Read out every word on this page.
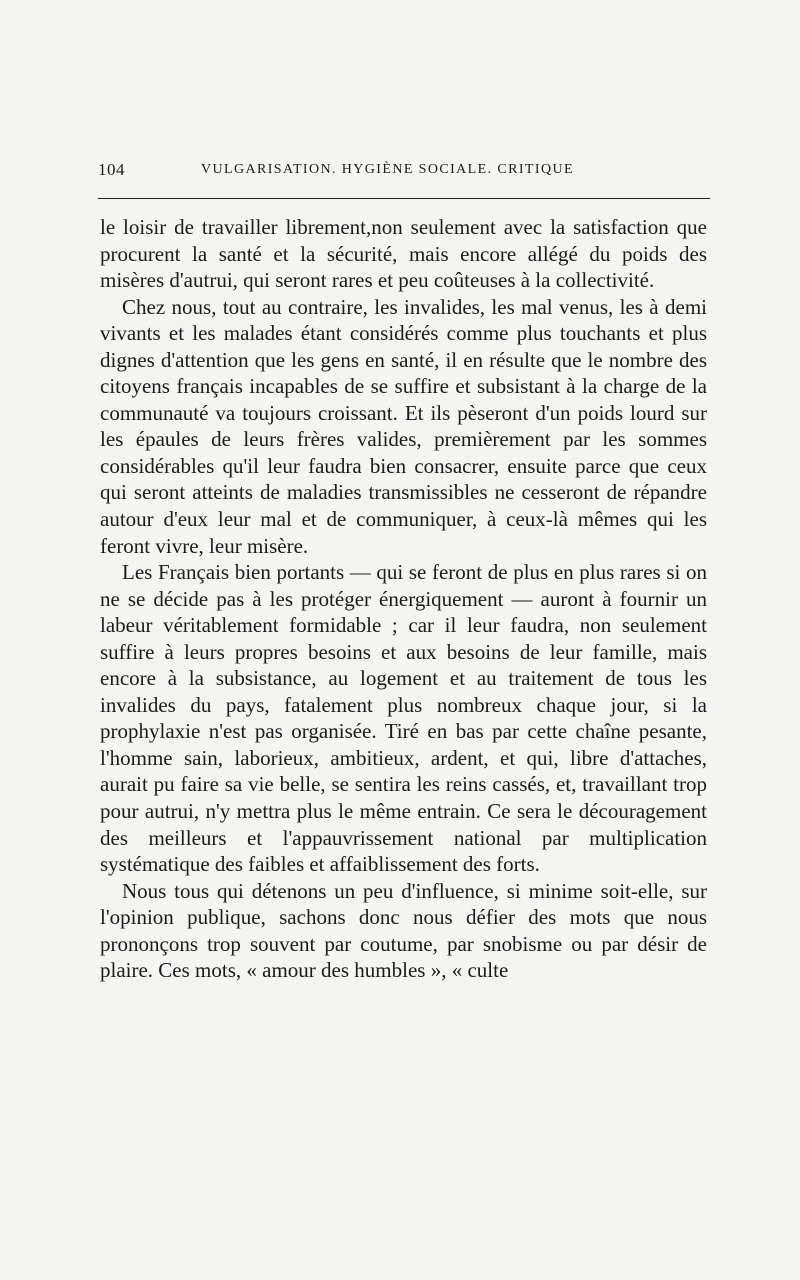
104	VULGARISATION. HYGIÈNE SOCIALE. CRITIQUE

le loisir de travailler librement,non seulement avec la satisfaction que procurent la santé et la sécurité, mais encore allégé du poids des misères d'autrui, qui seront rares et peu coûteuses à la collectivité.

Chez nous, tout au contraire, les invalides, les mal venus, les à demi vivants et les malades étant considérés comme plus touchants et plus dignes d'attention que les gens en santé, il en résulte que le nombre des citoyens français incapables de se suffire et subsistant à la charge de la communauté va toujours croissant. Et ils pèseront d'un poids lourd sur les épaules de leurs frères valides, premièrement par les sommes considérables qu'il leur faudra bien consacrer, ensuite parce que ceux qui seront atteints de maladies transmissibles ne cesseront de répandre autour d'eux leur mal et de communiquer, à ceux-là mêmes qui les feront vivre, leur misère.

Les Français bien portants — qui se feront de plus en plus rares si on ne se décide pas à les protéger énergiquement — auront à fournir un labeur véritablement formidable ; car il leur faudra, non seulement suffire à leurs propres besoins et aux besoins de leur famille, mais encore à la subsistance, au logement et au traitement de tous les invalides du pays, fatalement plus nombreux chaque jour, si la prophylaxie n'est pas organisée. Tiré en bas par cette chaîne pesante, l'homme sain, laborieux, ambitieux, ardent, et qui, libre d'attaches, aurait pu faire sa vie belle, se sentira les reins cassés, et, travaillant trop pour autrui, n'y mettra plus le même entrain. Ce sera le découragement des meilleurs et l'appauvrissement national par multiplication systématique des faibles et affaiblissement des forts.

Nous tous qui détenons un peu d'influence, si minime soit-elle, sur l'opinion publique, sachons donc nous défier des mots que nous prononçons trop souvent par coutume, par snobisme ou par désir de plaire. Ces mots, « amour des humbles », « culte
